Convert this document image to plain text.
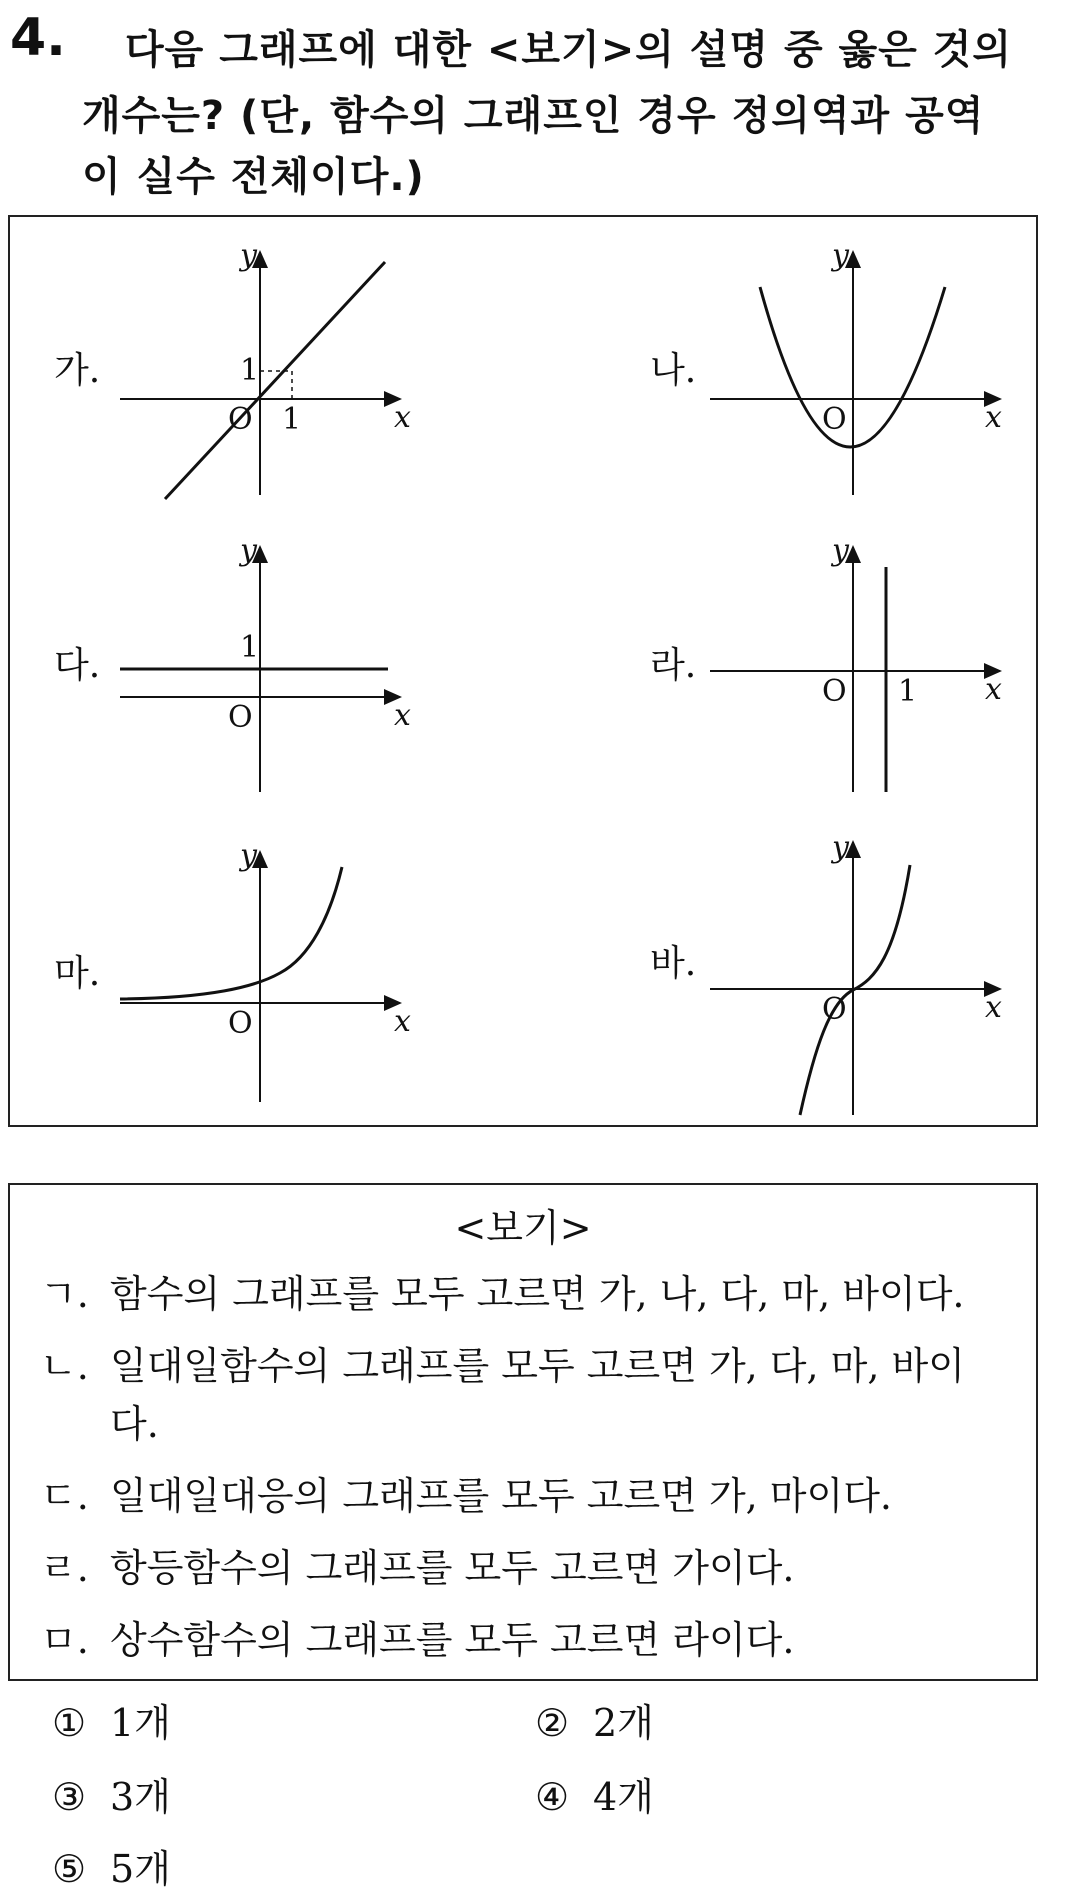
4. 다음 그래프에 대한 <보기>의 설명 중 옳은 것의
개수는? (단, 함수의 그래프인 경우 정의역과 공역
이 실수 전체이다.)
x
y
x
y
x
y
x
y
x
y
x
y
O 1
1
O
O
1
O 1
O	O
가.	나.
다.	라.
마.	바.
<보기>
ㄱ. 함수의 그래프를 모두 고르면 가, 나, 다, 마, 바이다.
ㄴ. 일대일함수의 그래프를 모두 고르면 가, 다, 마, 바이
다.
ㄷ. 일대일대응의 그래프를 모두 고르면 가, 마이다.
ㄹ. 항등함수의 그래프를 모두 고르면 가이다.
ㅁ. 상수함수의 그래프를 모두 고르면 라이다.
① 1개	② 2개
③ 3개	④ 4개
⑤ 5개
